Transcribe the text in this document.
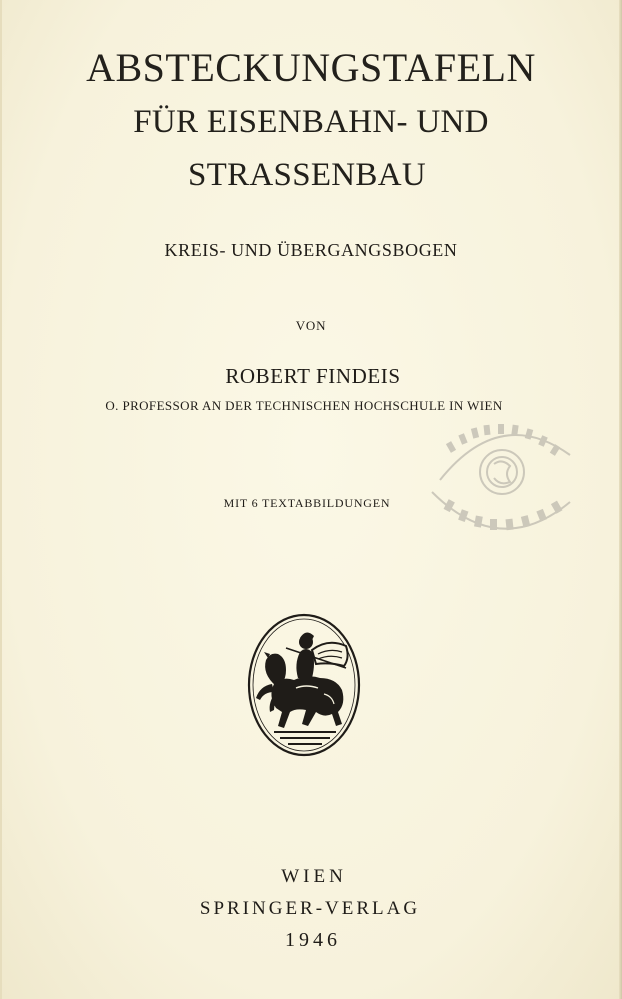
ABSTECKUNGSTAFELN
FÜR EISENBAHN- UND
STRASSENBAU
KREIS- UND ÜBERGANGSBOGEN
VON
ROBERT FINDEIS
O. PROFESSOR AN DER TECHNISCHEN HOCHSCHULE IN WIEN
MIT 6 TEXTABBILDUNGEN
WIEN
SPRINGER-VERLAG
1946
